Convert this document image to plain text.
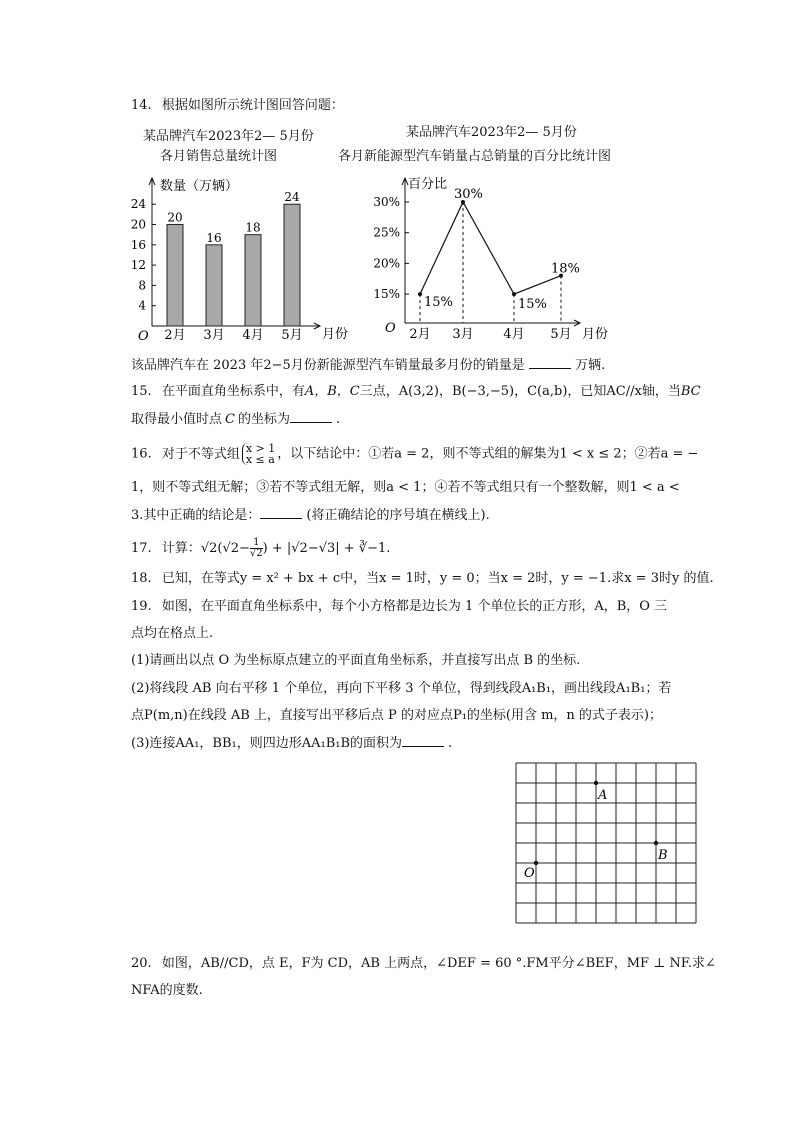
14. 根据如图所示统计图回答问题：
某品牌汽车2023年2— 5月份
各月销售总量统计图
某品牌汽车2023年2— 5月份
各月新能源型汽车销量占总销量的百分比统计图
数量（万辆）
月份
O
4
8
12
16
20
24
20
2月
16
3月
18
4月
24
5月
百分比
月份
O
15%
20%
25%
30%
15%
2月
30%
3月
15%
4月
18%
5月
该品牌汽车在 2023 年2−5月份新能源型汽车销量最多月份的销量是	万辆.
15. 在平面直角坐标系中，有A，B，C三点，A(3,2)，B(−3,−5)，C(a,b)，已知AC//x轴，当BC
取得最小值时点 C 的坐标为	.
16. 对于不等式组 x > 1
x ≤ a ，以下结论中：①若a = 2，则不等式组的解集为1 < x ≤ 2；②若a = −
1，则不等式组无解；③若不等式组无解，则a < 1；④若不等式组只有一个整数解，则1 < a <
3.其中正确的结论是：	(将正确结论的序号填在横线上).
17. 计算：$√2(√2- \frac{1}{√2}$ ) + |√2−√3| + ∛−1.
18. 已知，在等式y = x² + bx + c中，当x = 1时，y = 0；当x = 2时，y = −1.求x = 3时y 的值.
19. 如图，在平面直角坐标系中，每个小方格都是边长为 1 个单位长的正方形，A，B，O 三
点均在格点上.
(1)请画出以点 O 为坐标原点建立的平面直角坐标系，并直接写出点 B 的坐标.
(2)将线段 AB 向右平移 1 个单位，再向下平移 3 个单位，得到线段A₁B₁，画出线段A₁B₁；若
点P(m,n)在线段 AB 上，直接写出平移后点 P 的对应点P₁的坐标(用含 m，n 的式子表示)；
(3)连接AA₁，BB₁，则四边形AA₁B₁B的面积为	.
A
B
O
20. 如图，AB//CD，点 E，F为 CD，AB 上两点，∠DEF = 60 °.FM平分∠BEF，MF ⊥ NF.求∠
NFA的度数.
